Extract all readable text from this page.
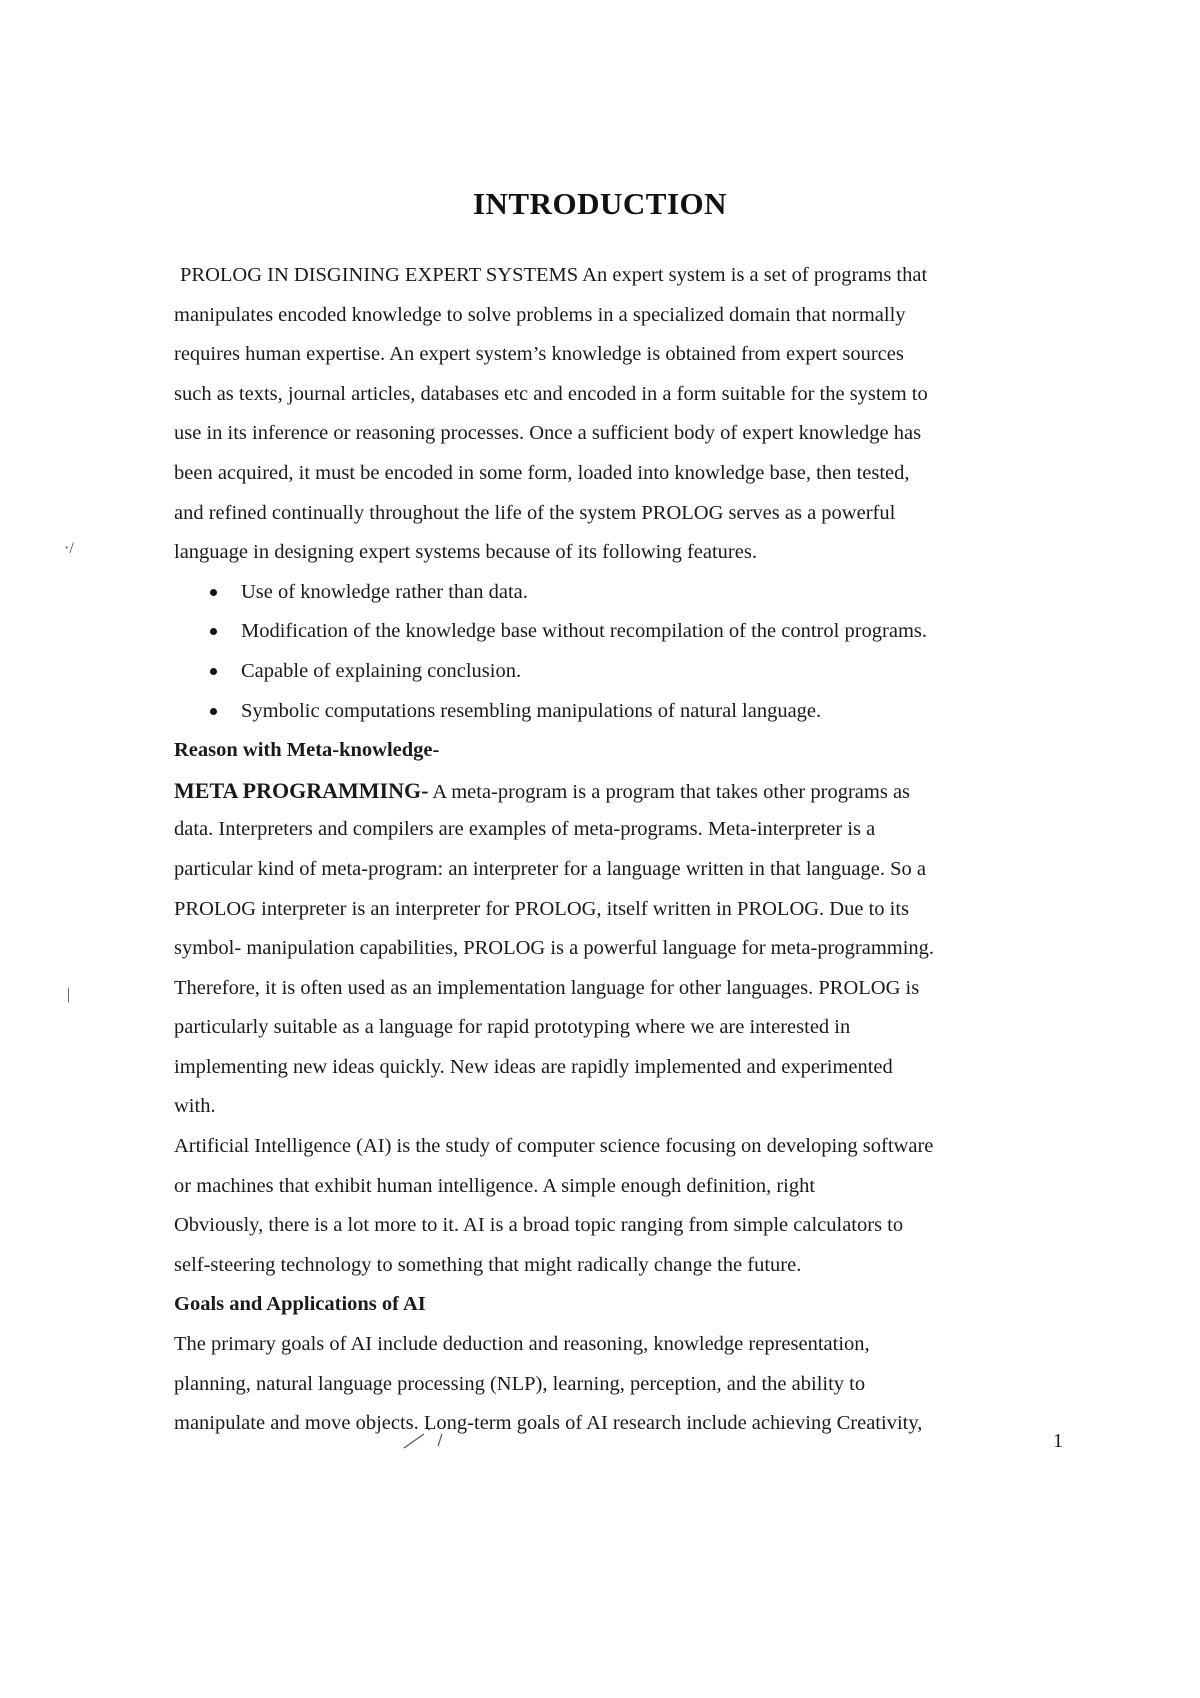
INTRODUCTION
·/
|
PROLOG IN DISGINING EXPERT SYSTEMS An expert system is a set of programs that
manipulates encoded knowledge to solve problems in a specialized domain that normally
requires human expertise. An expert system’s knowledge is obtained from expert sources
such as texts, journal articles, databases etc and encoded in a form suitable for the system to
use in its inference or reasoning processes. Once a sufficient body of expert knowledge has
been acquired, it must be encoded in some form, loaded into knowledge base, then tested,
and refined continually throughout the life of the system PROLOG serves as a powerful
language in designing expert systems because of its following features.
Use of knowledge rather than data.
Modification of the knowledge base without recompilation of the control programs.
Capable of explaining conclusion.
Symbolic computations resembling manipulations of natural language.
Reason with Meta-knowledge-
META PROGRAMMING- A meta-program is a program that takes other programs as
data. Interpreters and compilers are examples of meta-programs. Meta-interpreter is a
particular kind of meta-program: an interpreter for a language written in that language. So a
PROLOG interpreter is an interpreter for PROLOG, itself written in PROLOG. Due to its
symbol- manipulation capabilities, PROLOG is a powerful language for meta-programming.
Therefore, it is often used as an implementation language for other languages. PROLOG is
particularly suitable as a language for rapid prototyping where we are interested in
implementing new ideas quickly. New ideas are rapidly implemented and experimented
with.
Artificial Intelligence (AI) is the study of computer science focusing on developing software
or machines that exhibit human intelligence. A simple enough definition, right
Obviously, there is a lot more to it. AI is a broad topic ranging from simple calculators to
self-steering technology to something that might radically change the future.
Goals and Applications of AI
The primary goals of AI include deduction and reasoning, knowledge representation,
planning, natural language processing (NLP), learning, perception, and the ability to
manipulate and move objects. Long-term goals of AI research include achieving Creativity,
1
